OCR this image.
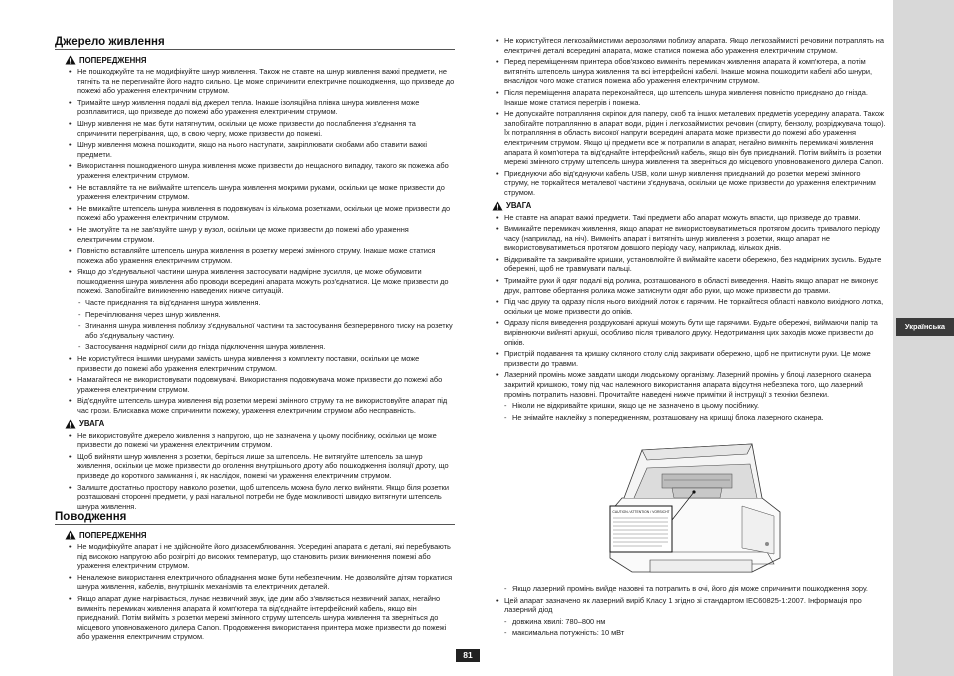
Українська
Джерело живлення
ПОПЕРЕДЖЕННЯ
• Не пошкоджуйте та не модифікуйте шнур живлення. Також не ставте на шнур живлення важкі предмети, не тягніть та не перегинайте його надто сильно. Це може спричинити електричне пошкодження, що призведе до пожежі або ураження електричним струмом.
• Тримайте шнур живлення подалі від джерел тепла. Інакше ізоляційна плівка шнура живлення може розплавитися, що призведе до пожежі або ураження електричним струмом.
• Шнур живлення не має бути натягнутим, оскільки це може призвести до послаблення з'єднання та спричинити перегрівання, що, в свою чергу, може призвести до пожежі.
• Шнур живлення можна пошкодити, якщо на нього наступати, закріплювати скобами або ставити важкі предмети.
• Використання пошкодженого шнура живлення може призвести до нещасного випадку, такого як пожежа або ураження електричним струмом.
• Не вставляйте та не виймайте штепсель шнура живлення мокрими руками, оскільки це може призвести до ураження електричним струмом.
• Не вмикайте штепсель шнура живлення в подовжувач із кількома розетками, оскільки це може призвести до пожежі або ураження електричним струмом.
• Не змотуйте та не зав'язуйте шнур у вузол, оскільки це може призвести до пожежі або ураження електричним струмом.
• Повністю вставляйте штепсель шнура живлення в розетку мережі змінного струму. Інакше може статися пожежа або ураження електричним струмом.
• Якщо до з'єднувальної частини шнура живлення застосувати надмірне зусилля, це може обумовити пошкодження шнура живлення або проводи всередині апарата можуть роз'єднатися. Це може призвести до пожежі. Запобігайте виникненню наведених нижче ситуацій.
- Часте приєднання та від'єднання шнура живлення.
- Перечіплювання через шнур живлення.
- Згинання шнура живлення поблизу з'єднувальної частини та застосування безперервного тиску на розетку або з'єднувальну частину.
- Застосування надмірної сили до гнізда підключення шнура живлення.
• Не користуйтеся іншими шнурами замість шнура живлення з комплекту поставки, оскільки це може призвести до пожежі або ураження електричним струмом.
• Намагайтеся не використовувати подовжувачі. Використання подовжувача може призвести до пожежі або ураження електричним струмом.
• Від'єднуйте штепсель шнура живлення від розетки мережі змінного струму та не використовуйте апарат під час грози. Блискавка може спричинити пожежу, ураження електричним струмом або несправність.
УВАГА
• Не використовуйте джерело живлення з напругою, що не зазначена у цьому посібнику, оскільки це може призвести до пожежі чи ураження електричним струмом.
• Щоб вийняти шнур живлення з розетки, беріться лише за штепсель. Не витягуйте штепсель за шнур живлення, оскільки це може призвести до оголення внутрішнього дроту або пошкодження ізоляції дроту, що призведе до короткого замикання і, як наслідок, пожежі чи ураження електричним струмом.
• Залиште достатньо простору навколо розетки, щоб штепсель можна було легко вийняти. Якщо біля розетки розташовані сторонні предмети, у разі нагальної потреби не буде можливості швидко витягнути штепсель шнура живлення.
Поводження
ПОПЕРЕДЖЕННЯ
• Не модифікуйте апарат і не здійснюйте його дизасемблювання. Усередині апарата є деталі, які перебувають під високою напругою або розігріті до високих температур, що становить ризик виникнення пожежі або ураження електричним струмом.
• Неналежне використання електричного обладнання може бути небезпечним. Не дозволяйте дітям торкатися шнура живлення, кабелів, внутрішніх механізмів та електричних деталей.
• Якщо апарат дуже нагрівається, лунає незвичний звук, іде дим або з'являється незвичний запах, негайно вимкніть перемикач живлення апарата й комп'ютера та від'єднайте інтерфейсний кабель, якщо він приєднаний. Потім вийміть з розетки мережі змінного струму штепсель шнура живлення та зверніться до місцевого уповноваженого дилера Canon. Продовження використання принтера може призвести до пожежі або ураження електричним струмом.
• Не користуйтеся легкозаймистими аерозолями поблизу апарата. Якщо легкозаймисті речовини потраплять на електричні деталі всередині апарата, може статися пожежа або ураження електричним струмом.
• Перед переміщенням принтера обов'язково вимкніть перемикач живлення апарата й комп'ютера, а потім витягніть штепсель шнура живлення та всі інтерфейсні кабелі. Інакше можна пошкодити кабелі або шнури, внаслідок чого може статися пожежа або ураження електричним струмом.
• Після переміщення апарата переконайтеся, що штепсель шнура живлення повністю приєднано до гнізда. Інакше може статися перегрів і пожежа.
• Не допускайте потрапляння скріпок для паперу, скоб та інших металевих предметів усередину апарата. Також запобігайте потраплянню в апарат води, рідин і легкозаймистих речовин (спирту, бензолу, розріджувача тощо). Їх потрапляння в область високої напруги всередині апарата може призвести до пожежі або ураження електричним струмом. Якщо ці предмети все ж потрапили в апарат, негайно вимкніть перемикачі живлення апарата й комп'ютера та від'єднайте інтерфейсний кабель, якщо він був приєднаний. Потім вийміть із розетки мережі змінного струму штепсель шнура живлення та зверніться до місцевого уповноваженого дилера Canon.
• Приєднуючи або від'єднуючи кабель USB, коли шнур живлення приєднаний до розетки мережі змінного струму, не торкайтеся металевої частини з'єднувача, оскільки це може призвести до ураження електричним струмом.
УВАГА
• Не ставте на апарат важкі предмети. Такі предмети або апарат можуть впасти, що призведе до травми.
• Вимикайте перемикач живлення, якщо апарат не використовуватиметься протягом досить тривалого періоду часу (наприклад, на ніч). Вимкніть апарат і витягніть шнур живлення з розетки, якщо апарат не використовуватиметься протягом довшого періоду часу, наприклад, кількох днів.
• Відкривайте та закривайте кришки, установлюйте й виймайте касети обережно, без надмірних зусиль. Будьте обережні, щоб не травмувати пальці.
• Тримайте руки й одяг подалі від ролика, розташованого в області виведення. Навіть якщо апарат не виконує друк, раптове обертання ролика може затиснути одяг або руки, що може призвести до травми.
• Під час друку та одразу після нього вихідний лоток є гарячим. Не торкайтеся області навколо вихідного лотка, оскільки це може призвести до опіків.
• Одразу після виведення роздруковані аркуші можуть бути ще гарячими. Будьте обережні, виймаючи папір та вирівнюючи вийняті аркуші, особливо після тривалого друку. Недотримання цих заходів може призвести до опіків.
• Пристрій подавання та кришку скляного столу слід закривати обережно, щоб не притиснути руки. Це може призвести до травми.
• Лазерний промінь може завдати шкоди людському організму. Лазерний промінь у блоці лазерного сканера закритий кришкою, тому під час належного використання апарата відсутня небезпека того, що лазерний промінь потрапить назовні. Прочитайте наведені нижче примітки й інструкції з техніки безпеки.
- Ніколи не відкривайте кришки, якщо це не зазначено в цьому посібнику.
- Не знімайте наклейку з попередженням, розташовану на кришці блока лазерного сканера.
CAUTION / ATTENTION / VORSICHT
- Якщо лазерний промінь вийде назовні та потрапить в очі, його дія може спричинити пошкодження зору.
• Цей апарат зазначено як лазерний виріб Класу 1 згідно зі стандартом IEC60825-1:2007. Інформація про лазерний діод
- довжина хвилі: 780–800 нм
- максимальна потужність: 10 мВт
81
